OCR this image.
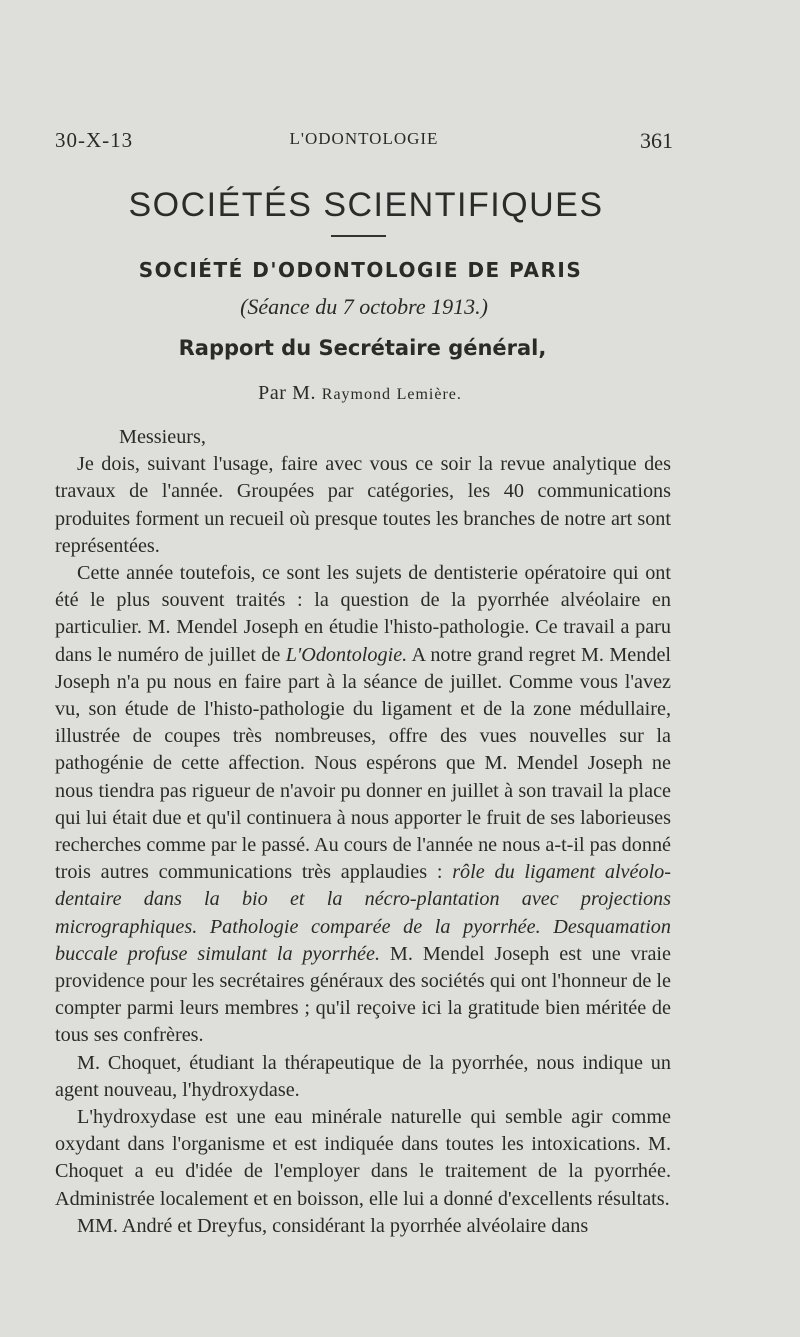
30-X-13	L'ODONTOLOGIE	361
SOCIÉTÉS SCIENTIFIQUES
SOCIÉTÉ D'ODONTOLOGIE DE PARIS
(Séance du 7 octobre 1913.)
Rapport du Secrétaire général,
Par M. Raymond Lemière.

Messieurs,

Je dois, suivant l'usage, faire avec vous ce soir la revue analytique des travaux de l'année. Groupées par catégories, les 40 communications produites forment un recueil où presque toutes les branches de notre art sont représentées.

Cette année toutefois, ce sont les sujets de dentisterie opératoire qui ont été le plus souvent traités : la question de la pyorrhée alvéolaire en particulier. M. Mendel Joseph en étudie l'histo-pathologie. Ce travail a paru dans le numéro de juillet de L'Odontologie. A notre grand regret M. Mendel Joseph n'a pu nous en faire part à la séance de juillet. Comme vous l'avez vu, son étude de l'histo-pathologie du ligament et de la zone médullaire, illustrée de coupes très nombreuses, offre des vues nouvelles sur la pathogénie de cette affection. Nous espérons que M. Mendel Joseph ne nous tiendra pas rigueur de n'avoir pu donner en juillet à son travail la place qui lui était due et qu'il continuera à nous apporter le fruit de ses laborieuses recherches comme par le passé. Au cours de l'année ne nous a-t-il pas donné trois autres communications très applaudies : rôle du ligament alvéolo-dentaire dans la bio et la nécro-plantation avec projections micrographiques. Pathologie comparée de la pyorrhée. Desquamation buccale profuse simulant la pyorrhée. M. Mendel Joseph est une vraie providence pour les secrétaires généraux des sociétés qui ont l'honneur de le compter parmi leurs membres ; qu'il reçoive ici la gratitude bien méritée de tous ses confrères.

M. Choquet, étudiant la thérapeutique de la pyorrhée, nous indique un agent nouveau, l'hydroxydase.

L'hydroxydase est une eau minérale naturelle qui semble agir comme oxydant dans l'organisme et est indiquée dans toutes les intoxications. M. Choquet a eu d'idée de l'employer dans le traitement de la pyorrhée. Administrée localement et en boisson, elle lui a donné d'excellents résultats.

MM. André et Dreyfus, considérant la pyorrhée alvéolaire dans
